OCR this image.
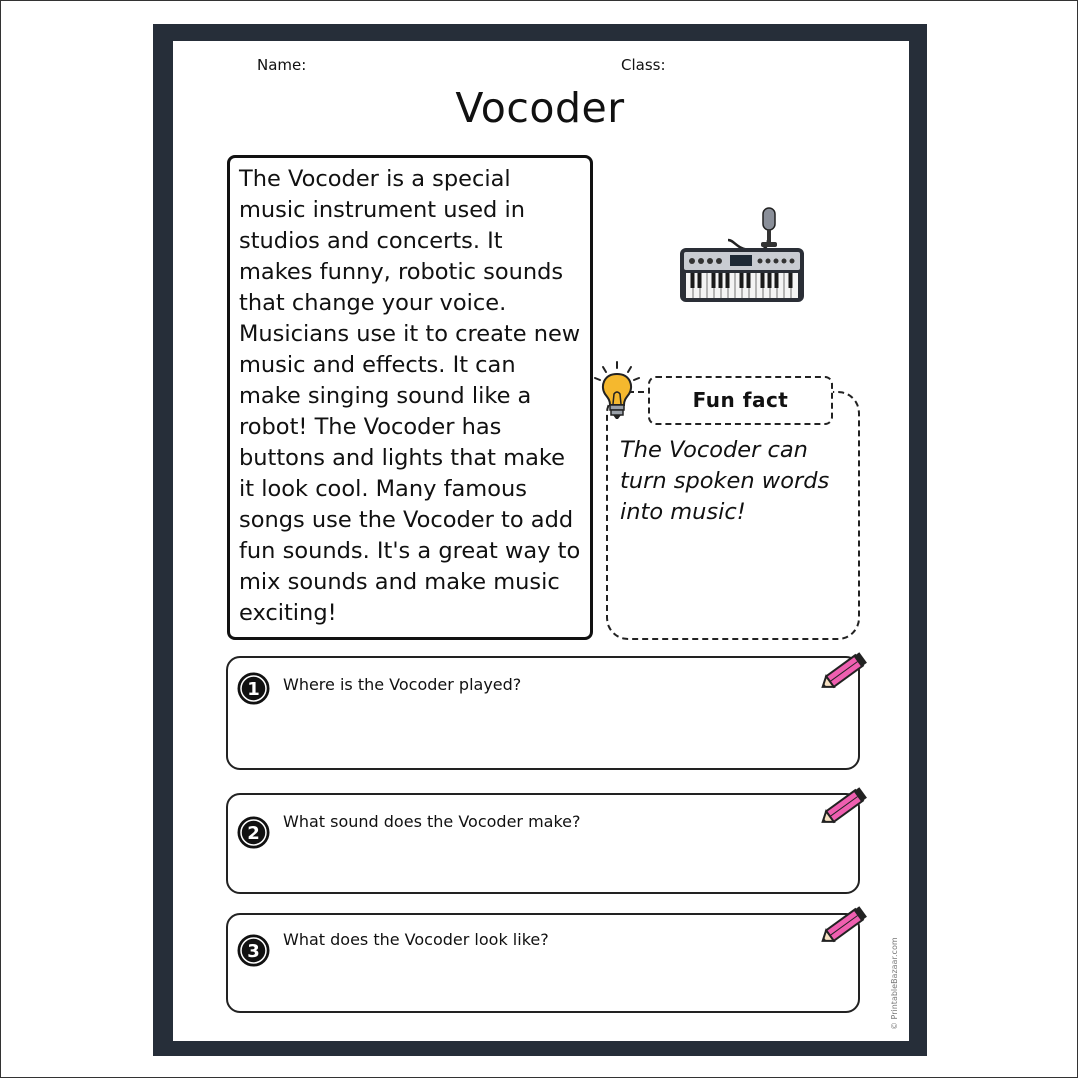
Name:	Class:
Vocoder
The Vocoder is a special music instrument used in studios and concerts. It makes funny, robotic sounds that change your voice. Musicians use it to create new music and effects. It can make singing sound like a robot! The Vocoder has buttons and lights that make it look cool. Many famous songs use the Vocoder to add fun sounds. It's a great way to mix sounds and make music exciting!
The Vocoder can turn spoken words into music!
Fun fact
1 Where is the Vocoder played?
2
What sound does the Vocoder make?
3
What does the Vocoder look like?	© PrintableBazaar.com
